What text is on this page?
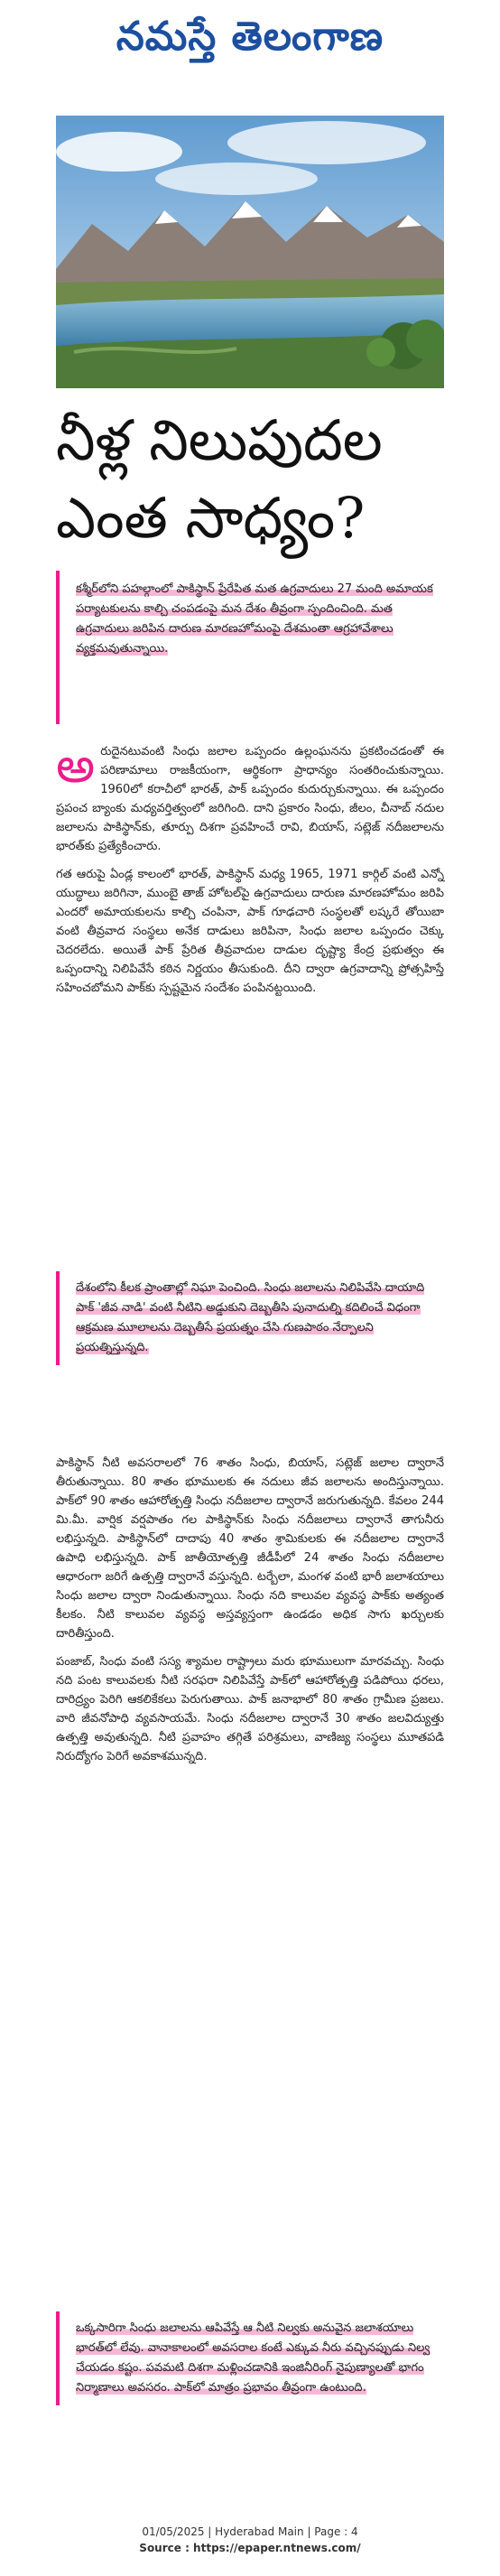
నమస్తే తెలంగాణ
నీళ్ల నిలుపుదల
ఎంత సాధ్యం?

కశ్మీర్‌లోని పహల్గాంలో పాకిస్థాన్ ప్రేరేపిత మత ఉగ్రవాదులు 27 మంది అమాయక పర్యాటకులను కాల్చి చంపడంపై మన దేశం తీవ్రంగా స్పందించింది. మత ఉగ్రవాదులు జరిపిన దారుణ మారణహోమంపై దేశమంతా ఆగ్రహావేశాలు వ్యక్తమవుతున్నాయి.

అరుదైనటువంటి సింధు జలాల ఒప్పందం ఉల్లంఘనను ప్రకటించడంతో ఈ పరిణామాలు రాజకీయంగా, ఆర్థికంగా ప్రాధాన్యం సంతరించుకున్నాయి. 1960లో కరాచీలో భారత్, పాక్ ఒప్పందం కుదుర్చుకున్నాయి. ఈ ఒప్పందం ప్రపంచ బ్యాంకు మధ్యవర్తిత్వంలో జరిగింది. దాని ప్రకారం సింధు, జీలం, చీనాబ్ నదుల జలాలను పాకిస్థాన్‌కు, తూర్పు దిశగా ప్రవహించే రావి, బియాస్, సట్లెజ్ నదీజలాలను భారత్‌కు ప్రత్యేకించారు.

గత ఆరుపై ఏండ్ల కాలంలో భారత్, పాకిస్థాన్ మధ్య 1965, 1971 కార్గిల్ వంటి ఎన్నో యుద్ధాలు జరిగినా, ముంబై తాజ్ హోటల్‌పై ఉగ్రవాదులు దారుణ మారణహోమం జరిపి ఎందరో అమాయకులను కాల్చి చంపినా, పాక్ గూఢచారి సంస్థలతో లష్కరే తోయిబా వంటి తీవ్రవాద సంస్థలు అనేక దాడులు జరిపినా, సింధు జలాల ఒప్పందం చెక్కు చెదరలేదు. అయితే పాక్ ప్రేరిత తీవ్రవాదుల దాడుల దృష్ట్యా కేంద్ర ప్రభుత్వం ఈ ఒప్పందాన్ని నిలిపివేసే కఠిన నిర్ణయం తీసుకుంది. దీని ద్వారా ఉగ్రవాదాన్ని ప్రోత్సహిస్తే సహించబోమని పాక్‌కు స్పష్టమైన సందేశం పంపినట్టయింది.

దేశంలోని కీలక ప్రాంతాల్లో నిఘా పెంచింది. సింధు జలాలను నిలిపివేసి దాయాది పాక్ 'జీవ నాడి' వంటి నీటిని అడ్డుకుని దెబ్బతీసి పునాదుల్ని కదిలించే విధంగా ఆక్రమణ మూలాలను దెబ్బతీసే ప్రయత్నం చేసి గుణపాఠం నేర్పాలని ప్రయత్నిస్తున్నది.

పాకిస్థాన్ నీటి అవసరాలలో 76 శాతం సింధు, బియాస్, సట్లెజ్ జలాల ద్వారానే తీరుతున్నాయి. 80 శాతం భూములకు ఈ నదులు జీవ జలాలను అందిస్తున్నాయి. పాక్‌లో 90 శాతం ఆహారోత్పత్తి సింధు నదీజలాల ద్వారానే జరుగుతున్నది. కేవలం 244 మి.మీ. వార్షిక వర్షపాతం గల పాకిస్థాన్‌కు సింధు నదీజలాలు ద్వారానే తాగునీరు లభిస్తున్నది. పాకిస్థాన్‌లో దాదాపు 40 శాతం శ్రామికులకు ఈ నదీజలాల ద్వారానే ఉపాధి లభిస్తున్నది. పాక్ జాతీయోత్పత్తి జీడీపీలో 24 శాతం సింధు నదీజలాల ఆధారంగా జరిగే ఉత్పత్తి ద్వారానే వస్తున్నది. టర్బేలా, మంగళ వంటి భారీ జలాశయాలు సింధు జలాల ద్వారా నిండుతున్నాయి. సింధు నది కాలువల వ్యవస్థ పాక్‌కు అత్యంత కీలకం. నీటి కాలువల వ్యవస్థ అస్తవ్యస్తంగా ఉండడం అధిక సాగు ఖర్చులకు దారితీస్తుంది.

పంజాబ్, సింధు వంటి సస్య శ్యామల రాష్ట్రాలు మరు భూములుగా మారవచ్చు. సింధు నది పంట కాలువలకు నీటి సరఫరా నిలిపివేస్తే పాక్‌లో ఆహారోత్పత్తి పడిపోయి ధరలు, దారిద్ర్యం పెరిగి ఆకలికేకలు పెరుగుతాయి. పాక్ జనాభాలో 80 శాతం గ్రామీణ ప్రజలు. వారి జీవనోపాధి వ్యవసాయమే. సింధు నదీజలాల ద్వారానే 30 శాతం జలవిద్యుత్తు ఉత్పత్తి అవుతున్నది. నీటి ప్రవాహం తగ్గితే పరిశ్రమలు, వాణిజ్య సంస్థలు మూతపడి నిరుద్యోగం పెరిగే అవకాశమున్నది.

ఒక్కసారిగా సింధు జలాలను ఆపివేస్తే ఆ నీటి నిల్వకు అనువైన జలాశయాలు భారత్‌లో లేవు. వానాకాలంలో అవసరాల కంటే ఎక్కువ నీరు వచ్చినప్పుడు నిల్వ చేయడం కష్టం. పవమటి దిశగా మళ్లించడానికి ఇంజినీరింగ్ నైపుణ్యాలతో భాగం నిర్మాణాలు అవసరం. పాక్‌లో మాత్రం ప్రభావం తీవ్రంగా ఉంటుంది.

01/05/2025 | Hyderabad Main | Page : 4
Source : https://epaper.ntnews.com/
